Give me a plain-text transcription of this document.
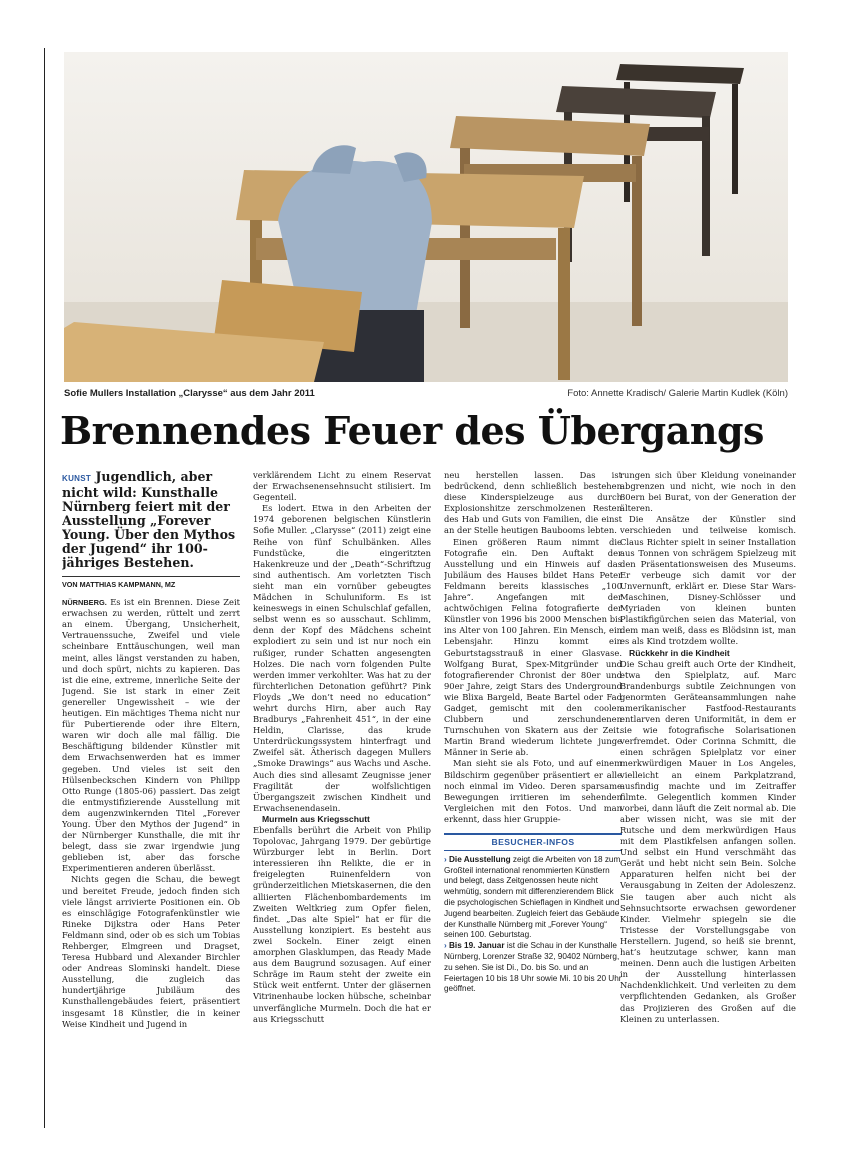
Sofie Mullers Installation „Clarysse“ aus dem Jahr 2011	Foto: Annette Kradisch/ Galerie Martin Kudlek (Köln)
Brennendes Feuer des Übergangs
KUNST Jugendlich, aber nicht wild: Kunsthalle Nürnberg feiert mit der Ausstellung „Forever Young. Über den Mythos der Jugend“ ihr 100-jähriges Bestehen.
VON MATTHIAS KAMPMANN, MZ

NÜRNBERG. Es ist ein Brennen. Diese Zeit erwachsen zu werden, rüttelt und zerrt an einem. Übergang, Unsicherheit, Vertrauenssuche, Zweifel und viele scheinbare Enttäuschungen, weil man meint, alles längst verstanden zu haben, und doch spürt, nichts zu kapieren. Das ist die eine, extreme, innerliche Seite der Jugend. Sie ist stark in einer Zeit genereller Ungewissheit – wie der heutigen. Ein mächtiges Thema nicht nur für Pubertierende oder ihre Eltern, waren wir doch alle mal fällig. Die Beschäftigung bildender Künstler mit dem Erwachsenwerden hat es immer gegeben. Und vieles ist seit den Hülsenbeckschen Kindern von Philipp Otto Runge (1805-06) passiert. Das zeigt die entmystifizierende Ausstellung mit dem augenzwinkernden Titel „Forever Young. Über den Mythos der Jugend“ in der Nürnberger Kunsthalle, die mit ihr belegt, dass sie zwar irgendwie jung geblieben ist, aber das forsche Experimentieren anderen überlässt.

Nichts gegen die Schau, die bewegt und bereitet Freude, jedoch finden sich viele längst arrivierte Positionen ein. Ob es einschlägige Fotografenkünstler wie Rineke Dijkstra oder Hans Peter Feldmann sind, oder ob es sich um Tobias Rehberger, Elmgreen und Dragset, Teresa Hubbard und Alexander Birchler oder Andreas Slominski handelt. Diese Ausstellung, die zugleich das hundertjährige Jubiläum des Kunsthallengebäudes feiert, präsentiert insgesamt 18 Künstler, die in keiner Weise Kindheit und Jugend in

verklärendem Licht zu einem Reservat der Erwachsenensehnsucht stilisiert. Im Gegenteil.

Es lodert. Etwa in den Arbeiten der 1974 geborenen belgischen Künstlerin Sofie Muller. „Clarysse“ (2011) zeigt eine Reihe von fünf Schulbänken. Alles Fundstücke, die eingeritzten Hakenkreuze und der „Death“-Schriftzug sind authentisch. Am vorletzten Tisch sieht man ein vornüber gebeugtes Mädchen in Schuluniform. Es ist keineswegs in einen Schulschlaf gefallen, selbst wenn es so ausschaut. Schlimm, denn der Kopf des Mädchens scheint explodiert zu sein und ist nur noch ein rußiger, runder Schatten angesengten Holzes. Die nach vorn folgenden Pulte werden immer verkohlter. Was hat zu der fürchterlichen Detonation geführt? Pink Floyds „We don’t need no education“ wehrt durchs Hirn, aber auch Ray Bradburys „Fahrenheit 451“, in der eine Heldin, Clarisse, das krude Unterdrückungssystem hinterfragt und Zweifel sät. Ätherisch dagegen Mullers „Smoke Drawings“ aus Wachs und Asche. Auch dies sind allesamt Zeugnisse jener Fragilität der wolfslichtigen Übergangszeit zwischen Kindheit und Erwachsenendasein.

Murmeln aus Kriegsschutt

Ebenfalls berührt die Arbeit von Philip Topolovac, Jahrgang 1979. Der gebürtige Würzburger lebt in Berlin. Dort interessieren ihn Relikte, die er in freigelegten Ruinenfeldern von gründerzeitlichen Mietskasernen, die den alliierten Flächenbombardements im Zweiten Weltkrieg zum Opfer fielen, findet. „Das alte Spiel“ hat er für die Ausstellung konzipiert. Es besteht aus zwei Sockeln. Einer zeigt einen amorphen Glasklumpen, das Ready Made aus dem Baugrund sozusagen. Auf einer Schräge im Raum steht der zweite ein Stück weit entfernt. Unter der gläsernen Vitrinenhaube locken hübsche, scheinbar unverfängliche Murmeln. Doch die hat er aus Kriegsschutt

neu herstellen lassen. Das ist bedrückend, denn schließlich bestehen diese Kinderspielzeuge aus durch Explosionshitze zerschmolzenen Resten des Hab und Guts von Familien, die einst an der Stelle heutigen Baubooms lebten.

Einen größeren Raum nimmt die Fotografie ein. Den Auftakt der Ausstellung und ein Hinweis auf das Jubiläum des Hauses bildet Hans Peter Feldmann bereits klassisches „100 Jahre“. Angefangen mit der achtwöchigen Felina fotografierte der Künstler von 1996 bis 2000 Menschen bis ins Alter von 100 Jahren. Ein Mensch, ein Lebensjahr. Hinzu kommt ein Geburtstagsstrauß in einer Glasvase. Wolfgang Burat, Spex-Mitgründer und fotografierender Chronist der 80er und 90er Jahre, zeigt Stars des Underground wie Blixa Bargeld, Beate Bartel oder Fad Gadget, gemischt mit den coolen Clubbern und zerschundenen Turnschuhen von Skatern aus der Zeit. Martin Brand wiederum lichtete junge Männer in Serie ab.

Man sieht sie als Foto, und auf einem Bildschirm gegenüber präsentiert er alle noch einmal im Video. Deren sparsame Bewegungen irritieren im sehenden Vergleichen mit den Fotos. Und man erkennt, dass hier Gruppie-

BESUCHER-INFOS
› Die Ausstellung zeigt die Arbeiten von 18 zum Großteil international renommierten Künstlern und belegt, dass Zeitgenossen heute nicht wehmütig, sondern mit differenzierendem Blick die psychologischen Schieflagen in Kindheit und Jugend bearbeiten. Zugleich feiert das Gebäude der Kunsthalle Nürnberg mit „Forever Young“ seinen 100. Geburtstag.
› Bis 19. Januar ist die Schau in der Kunsthalle Nürnberg, Lorenzer Straße 32, 90402 Nürnberg, zu sehen. Sie ist Di., Do. bis So. und an Feiertagen 10 bis 18 Uhr sowie Mi. 10 bis 20 Uhr geöffnet.

rungen sich über Kleidung voneinander abgrenzen und nicht, wie noch in den 80ern bei Burat, von der Generation der älteren.

Die Ansätze der Künstler sind verschieden und teilweise komisch. Claus Richter spielt in seiner Installation aus Tonnen von schrägem Spielzeug mit den Präsentationsweisen des Museums. Er verbeuge sich damit vor der Unvernunft, erklärt er. Diese Star Wars-Maschinen, Disney-Schlösser und Myriaden von kleinen bunten Plastikfigürchen seien das Material, von dem man weiß, dass es Blödsinn ist, man es als Kind trotzdem wollte.

Rückkehr in die Kindheit

Die Schau greift auch Orte der Kindheit, etwa den Spielplatz, auf. Marc Brandenburgs subtile Zeichnungen von genormten Geräteansammlungen nahe amerikanischer Fastfood-Restaurants entlarven deren Uniformität, in dem er sie wie fotografische Solarisationen verfremdet. Oder Corinna Schmitt, die einen schrägen Spielplatz vor einer merkwürdigen Mauer in Los Angeles, vielleicht an einem Parkplatzrand, ausfindig machte und im Zeitraffer filmte. Gelegentlich kommen Kinder vorbei, dann läuft die Zeit normal ab. Die aber wissen nicht, was sie mit der Rutsche und dem merkwürdigen Haus mit dem Plastikfelsen anfangen sollen. Und selbst ein Hund verschmäht das Gerät und hebt nicht sein Bein. Solche Apparaturen helfen nicht bei der Verausgabung in Zeiten der Adoleszenz. Sie taugen aber auch nicht als Sehnsuchtsorte erwachsen gewordener Kinder. Vielmehr spiegeln sie die Tristesse der Vorstellungsgabe von Herstellern. Jugend, so heiß sie brennt, hat’s heutzutage schwer, kann man meinen. Denn auch die lustigen Arbeiten in der Ausstellung hinterlassen Nachdenklichkeit. Und verleiten zu dem verpflichtenden Gedanken, als Großer das Projizieren des Großen auf die Kleinen zu unterlassen.
